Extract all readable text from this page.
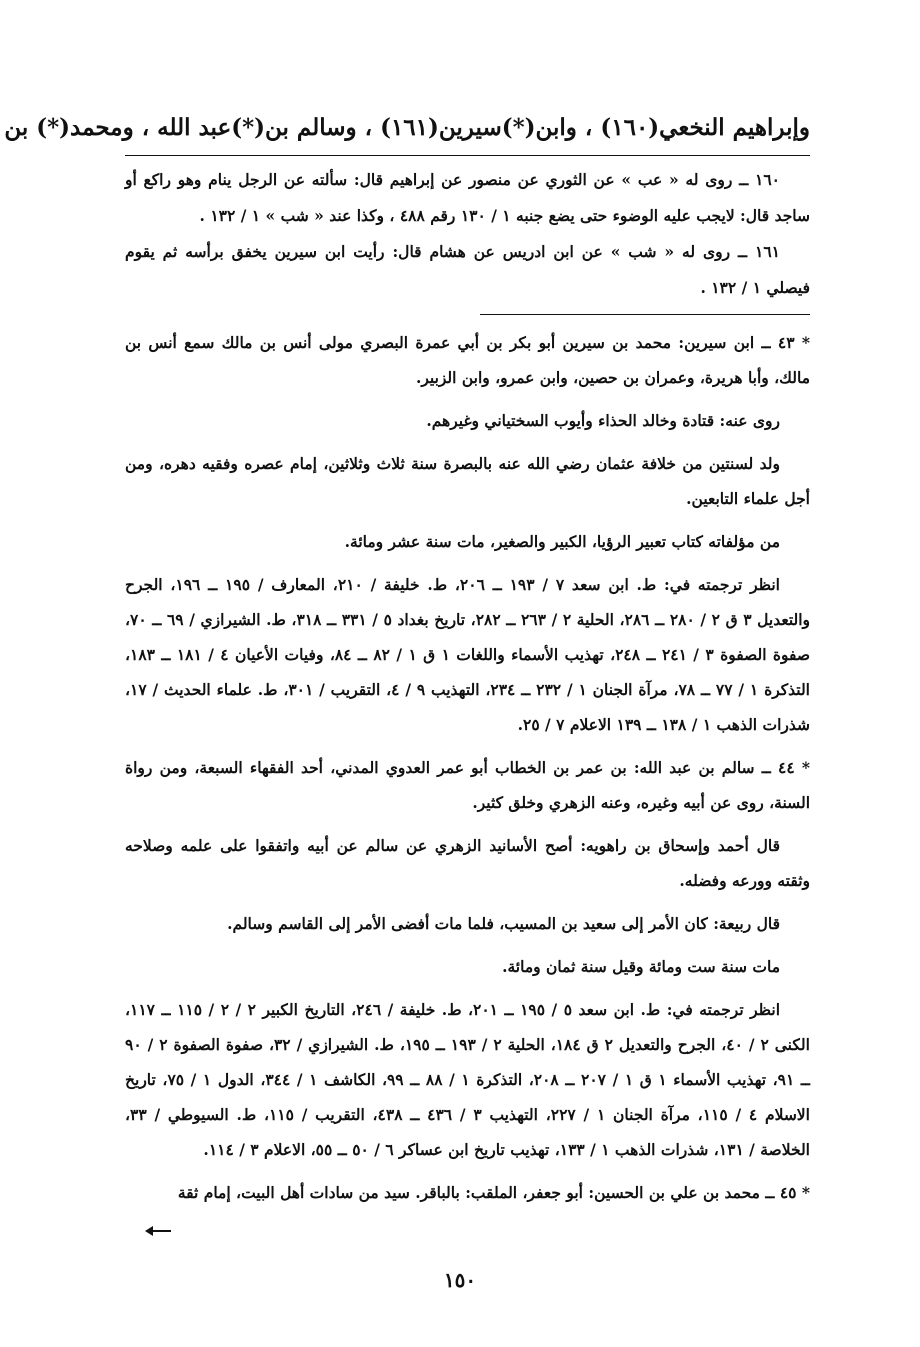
وإبراهيم النخعي(١٦٠) ، وابن(*)سيرين(١٦١) ، وسالم بن(*)عبد الله ، ومحمد(*) بن

١٦٠ ــ روى له « عب » عن الثوري عن منصور عن إبراهيم قال: سألته عن الرجل ينام وهو راكع أو ساجد قال: لايجب عليه الوضوء حتى يضع جنبه ١ / ١٣٠ رقم ٤٨٨ ، وكذا عند « شب » ١ / ١٣٢ .

١٦١ ــ روى له « شب » عن ابن ادريس عن هشام قال: رأيت ابن سيرين يخفق برأسه ثم يقوم فيصلي ١ / ١٣٢ .

* ٤٣ ــ ابن سيرين: محمد بن سيرين أبو بكر بن أبي عمرة البصري مولى أنس بن مالك سمع أنس بن مالك، وأبا هريرة، وعمران بن حصين، وابن عمرو، وابن الزبير.

روى عنه: قتادة وخالد الحذاء وأيوب السختياني وغيرهم.

ولد لسنتين من خلافة عثمان رضي الله عنه بالبصرة سنة ثلاث وثلاثين، إمام عصره وفقيه دهره، ومن أجل علماء التابعين.

من مؤلفاته كتاب تعبير الرؤيا، الكبير والصغير، مات سنة عشر ومائة.

انظر ترجمته في: ط. ابن سعد ٧ / ١٩٣ ــ ٢٠٦، ط. خليفة / ٢١٠، المعارف / ١٩٥ ــ ١٩٦، الجرح والتعديل ٣ ق ٢ / ٢٨٠ ــ ٢٨٦، الحلية ٢ / ٢٦٣ ــ ٢٨٢، تاريخ بغداد ٥ / ٣٣١ ــ ٣١٨، ط. الشيرازي / ٦٩ ــ ٧٠، صفوة الصفوة ٣ / ٢٤١ ــ ٢٤٨، تهذيب الأسماء واللغات ١ ق ١ / ٨٢ ــ ٨٤، وفيات الأعيان ٤ / ١٨١ ــ ١٨٣، التذكرة ١ / ٧٧ ــ ٧٨، مرآة الجنان ١ / ٢٣٢ ــ ٢٣٤، التهذيب ٩ / ٤، التقريب / ٣٠١، ط. علماء الحديث / ١٧، شذرات الذهب ١ / ١٣٨ ــ ١٣٩ الاعلام ٧ / ٢٥.

* ٤٤ ــ سالم بن عبد الله: بن عمر بن الخطاب أبو عمر العدوي المدني، أحد الفقهاء السبعة، ومن رواة السنة، روى عن أبيه وغيره، وعنه الزهري وخلق كثير.

قال أحمد وإسحاق بن راهويه: أصح الأسانيد الزهري عن سالم عن أبيه واتفقوا على علمه وصلاحه وثقته وورعه وفضله.

قال ربيعة: كان الأمر إلى سعيد بن المسيب، فلما مات أفضى الأمر إلى القاسم وسالم.

مات سنة ست ومائة وقيل سنة ثمان ومائة.

انظر ترجمته في: ط. ابن سعد ٥ / ١٩٥ ــ ٢٠١، ط. خليفة / ٢٤٦، التاريخ الكبير ٢ / ٢ / ١١٥ ــ ١١٧، الكنى ٢ / ٤٠، الجرح والتعديل ٢ ق ١٨٤، الحلية ٢ / ١٩٣ ــ ١٩٥، ط. الشيرازي / ٣٢، صفوة الصفوة ٢ / ٩٠ ــ ٩١، تهذيب الأسماء ١ ق ١ / ٢٠٧ ــ ٢٠٨، التذكرة ١ / ٨٨ ــ ٩٩، الكاشف ١ / ٣٤٤، الدول ١ / ٧٥، تاريخ الاسلام ٤ / ١١٥، مرآة الجنان ١ / ٢٢٧، التهذيب ٣ / ٤٣٦ ــ ٤٣٨، التقريب / ١١٥، ط. السيوطي / ٣٣، الخلاصة / ١٣١، شذرات الذهب ١ / ١٣٣، تهذيب تاريخ ابن عساكر ٦ / ٥٠ ــ ٥٥، الاعلام ٣ / ١١٤.

* ٤٥ ــ محمد بن علي بن الحسين: أبو جعفر، الملقب: بالباقر. سيد من سادات أهل البيت، إمام ثقة

١٥٠
